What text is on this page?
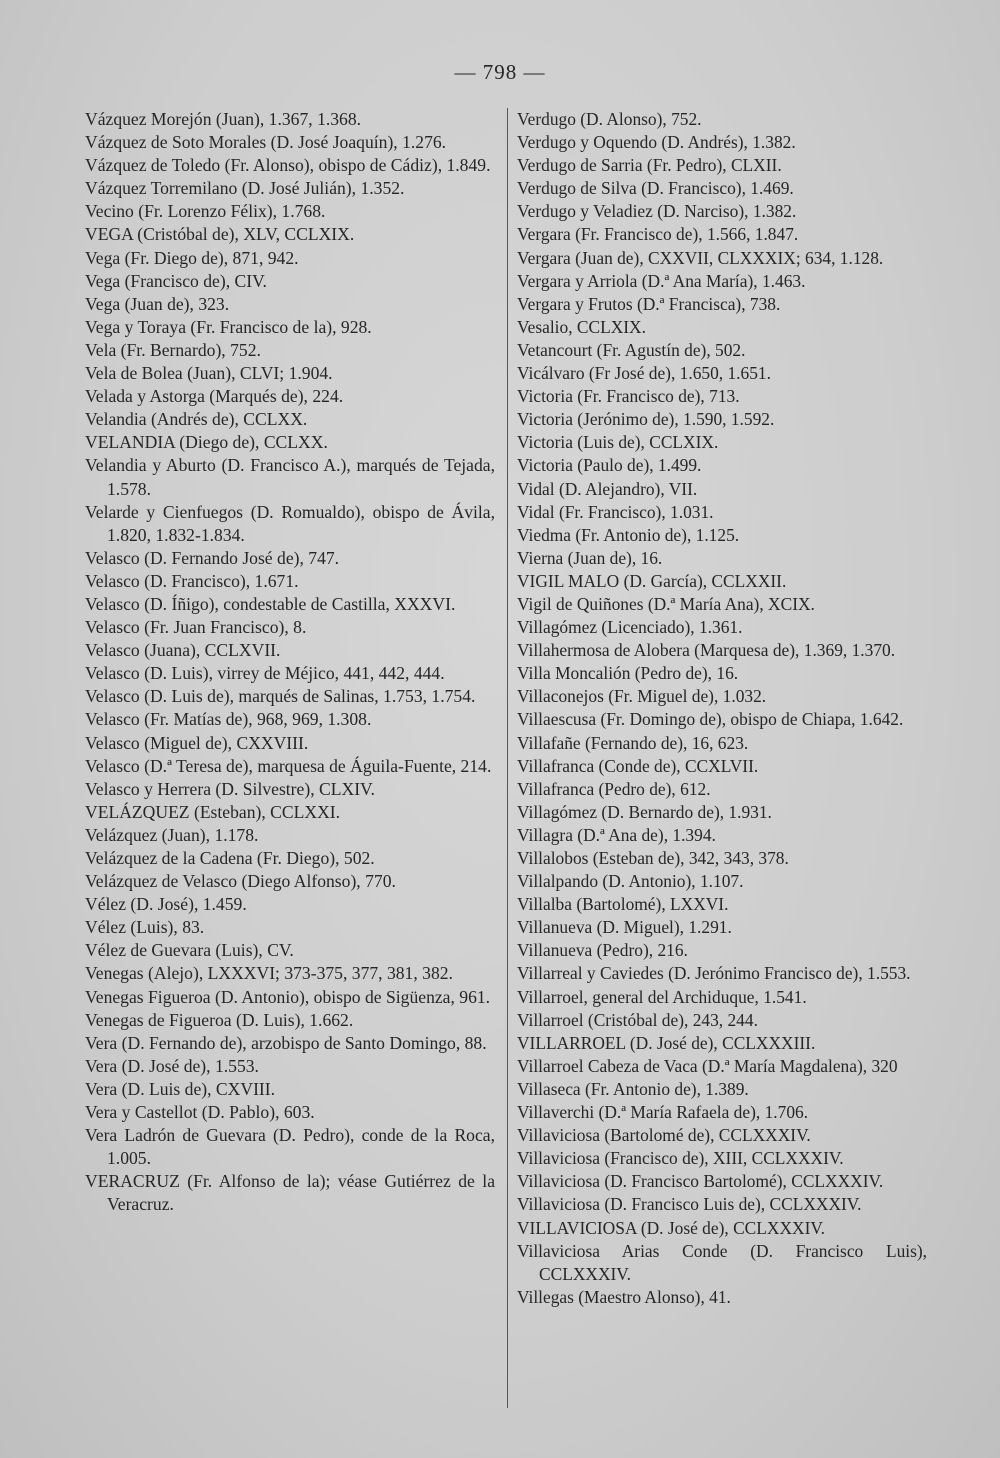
— 798 —
Vázquez Morejón (Juan), 1.367, 1.368.
Vázquez de Soto Morales (D. José Joaquín), 1.276.
Vázquez de Toledo (Fr. Alonso), obispo de Cádiz), 1.849.
Vázquez Torremilano (D. José Julián), 1.352.
Vecino (Fr. Lorenzo Félix), 1.768.
VEGA (Cristóbal de), XLV, CCLXIX.
Vega (Fr. Diego de), 871, 942.
Vega (Francisco de), CIV.
Vega (Juan de), 323.
Vega y Toraya (Fr. Francisco de la), 928.
Vela (Fr. Bernardo), 752.
Vela de Bolea (Juan), CLVI; 1.904.
Velada y Astorga (Marqués de), 224.
Velandia (Andrés de), CCLXX.
VELANDIA (Diego de), CCLXX.
Velandia y Aburto (D. Francisco A.), marqués de Tejada, 1.578.
Velarde y Cienfuegos (D. Romualdo), obispo de Ávila, 1.820, 1.832-1.834.
Velasco (D. Fernando José de), 747.
Velasco (D. Francisco), 1.671.
Velasco (D. Íñigo), condestable de Castilla, XXXVI.
Velasco (Fr. Juan Francisco), 8.
Velasco (Juana), CCLXVII.
Velasco (D. Luis), virrey de Méjico, 441, 442, 444.
Velasco (D. Luis de), marqués de Salinas, 1.753, 1.754.
Velasco (Fr. Matías de), 968, 969, 1.308.
Velasco (Miguel de), CXXVIII.
Velasco (D.ª Teresa de), marquesa de Águila-Fuente, 214.
Velasco y Herrera (D. Silvestre), CLXIV.
VELÁZQUEZ (Esteban), CCLXXI.
Velázquez (Juan), 1.178.
Velázquez de la Cadena (Fr. Diego), 502.
Velázquez de Velasco (Diego Alfonso), 770.
Vélez (D. José), 1.459.
Vélez (Luis), 83.
Vélez de Guevara (Luis), CV.
Venegas (Alejo), LXXXVI; 373-375, 377, 381, 382.
Venegas Figueroa (D. Antonio), obispo de Sigüenza, 961.
Venegas de Figueroa (D. Luis), 1.662.
Vera (D. Fernando de), arzobispo de Santo Domingo, 88.
Vera (D. José de), 1.553.
Vera (D. Luis de), CXVIII.
Vera y Castellot (D. Pablo), 603.
Vera Ladrón de Guevara (D. Pedro), conde de la Roca, 1.005.
VERACRUZ (Fr. Alfonso de la); véase Gutiérrez de la Veracruz.
Verdugo (D. Alonso), 752.
Verdugo y Oquendo (D. Andrés), 1.382.
Verdugo de Sarria (Fr. Pedro), CLXII.
Verdugo de Silva (D. Francisco), 1.469.
Verdugo y Veladiez (D. Narciso), 1.382.
Vergara (Fr. Francisco de), 1.566, 1.847.
Vergara (Juan de), CXXVII, CLXXXIX; 634, 1.128.
Vergara y Arriola (D.ª Ana María), 1.463.
Vergara y Frutos (D.ª Francisca), 738.
Vesalio, CCLXIX.
Vetancourt (Fr. Agustín de), 502.
Vicálvaro (Fr José de), 1.650, 1.651.
Victoria (Fr. Francisco de), 713.
Victoria (Jerónimo de), 1.590, 1.592.
Victoria (Luis de), CCLXIX.
Victoria (Paulo de), 1.499.
Vidal (D. Alejandro), VII.
Vidal (Fr. Francisco), 1.031.
Viedma (Fr. Antonio de), 1.125.
Vierna (Juan de), 16.
VIGIL MALO (D. García), CCLXXII.
Vigil de Quiñones (D.ª María Ana), XCIX.
Villagómez (Licenciado), 1.361.
Villahermosa de Alobera (Marquesa de), 1.369, 1.370.
Villa Moncalión (Pedro de), 16.
Villaconejos (Fr. Miguel de), 1.032.
Villaescusa (Fr. Domingo de), obispo de Chiapa, 1.642.
Villafañe (Fernando de), 16, 623.
Villafranca (Conde de), CCXLVII.
Villafranca (Pedro de), 612.
Villagómez (D. Bernardo de), 1.931.
Villagra (D.ª Ana de), 1.394.
Villalobos (Esteban de), 342, 343, 378.
Villalpando (D. Antonio), 1.107.
Villalba (Bartolomé), LXXVI.
Villanueva (D. Miguel), 1.291.
Villanueva (Pedro), 216.
Villarreal y Caviedes (D. Jerónimo Francisco de), 1.553.
Villarroel, general del Archiduque, 1.541.
Villarroel (Cristóbal de), 243, 244.
VILLARROEL (D. José de), CCLXXXIII.
Villarroel Cabeza de Vaca (D.ª María Magdalena), 320
Villaseca (Fr. Antonio de), 1.389.
Villaverchi (D.ª María Rafaela de), 1.706.
Villaviciosa (Bartolomé de), CCLXXXIV.
Villaviciosa (Francisco de), XIII, CCLXXXIV.
Villaviciosa (D. Francisco Bartolomé), CCLXXXIV.
Villaviciosa (D. Francisco Luis de), CCLXXXIV.
VILLAVICIOSA (D. José de), CCLXXXIV.
Villaviciosa Arias Conde (D. Francisco Luis), CCLXXXIV.
Villegas (Maestro Alonso), 41.
